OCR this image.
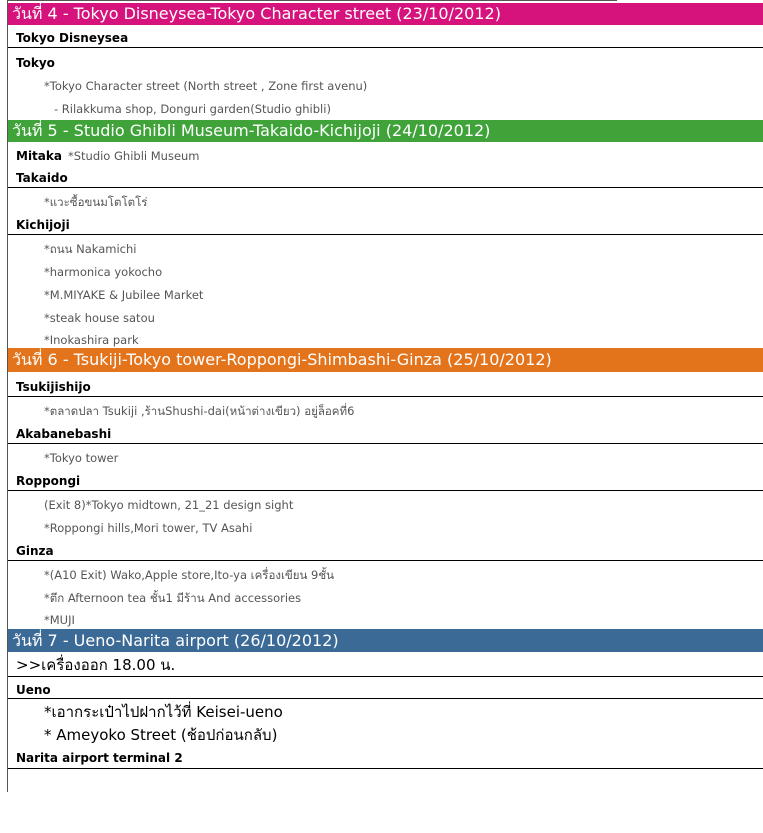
วันที่ 4 - Tokyo Disneysea-Tokyo Character street (23/10/2012)
Tokyo Disneysea
Tokyo
*Tokyo Character street (North street , Zone first avenu)
- Rilakkuma shop, Donguri garden(Studio ghibli)
วันที่ 5 - Studio Ghibli Museum-Takaido-Kichijoji (24/10/2012)
Mitaka *Studio Ghibli Museum
Takaido
*แวะซื้อขนมโตโตโร่
Kichijoji
*ถนน Nakamichi
*harmonica yokocho
*M.MIYAKE & Jubilee Market
*steak house satou
*Inokashira park
วันที่ 6 - Tsukiji-Tokyo tower-Roppongi-Shimbashi-Ginza (25/10/2012)
Tsukijishijo
*ตลาดปลา Tsukiji ,ร้านShushi-dai(หน้าต่างเขียว) อยู่ล็อคที่6
Akabanebashi
*Tokyo tower
Roppongi
(Exit 8)*Tokyo midtown, 21_21 design sight
*Roppongi hills,Mori tower, TV Asahi
Ginza
*(A10 Exit) Wako,Apple store,Ito-ya เครื่องเขียน 9ชั้น
*ตึก Afternoon tea ชั้น1 มีร้าน And accessories
*MUJI
วันที่ 7 - Ueno-Narita airport (26/10/2012)
>>เครื่องออก 18.00 น.
Ueno
*เอากระเป๋าไปฝากไว้ที่ Keisei-ueno
* Ameyoko Street (ช้อปก่อนกลับ)
Narita airport terminal 2
